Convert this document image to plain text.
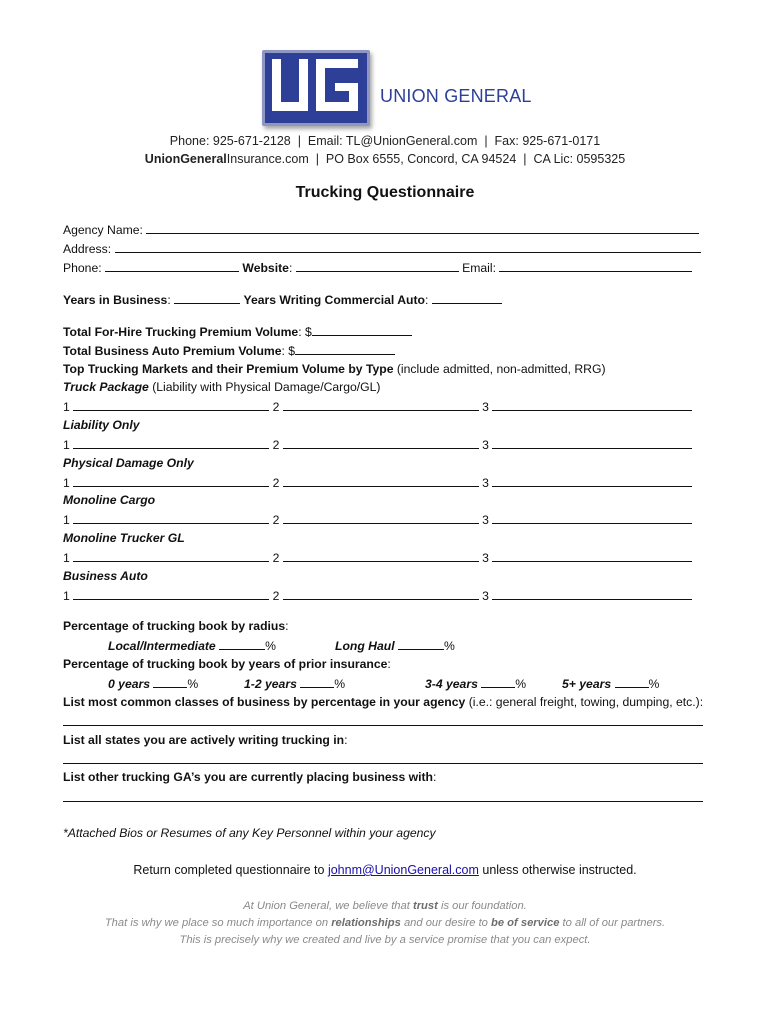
UNION GENERAL
Phone: 925-671-2128  |  Email: TL@UnionGeneral.com  |  Fax: 925-671-0171
UnionGeneralInsurance.com  |  PO Box 6555, Concord, CA 94524  |  CA Lic: 0595325
Trucking Questionnaire
Agency Name:
Address:
Phone:	Website:	Email:
Years in Business:	Years Writing Commercial Auto:
Total For-Hire Trucking Premium Volume: $
Total Business Auto Premium Volume: $
Top Trucking Markets and their Premium Volume by Type (include admitted, non-admitted, RRG)
Truck Package (Liability with Physical Damage/Cargo/GL)
1	2	3
Liability Only
1	2	3
Physical Damage Only
1	2	3
Monoline Cargo
1	2	3
Monoline Trucker GL
1	2	3
Business Auto
1	2	3
Percentage of trucking book by radius:
Local/Intermediate	%	Long Haul	%
Percentage of trucking book by years of prior insurance:
0 years	%	1-2 years	%	3-4 years	%	5+ years	%
List most common classes of business by percentage in your agency (i.e.: general freight, towing, dumping, etc.):
List all states you are actively writing trucking in:
List other trucking GA’s you are currently placing business with:
*Attached Bios or Resumes of any Key Personnel within your agency
Return completed questionnaire to johnm@UnionGeneral.com unless otherwise instructed.
At Union General, we believe that trust is our foundation.
That is why we place so much importance on relationships and our desire to be of service to all of our partners.
This is precisely why we created and live by a service promise that you can expect.
